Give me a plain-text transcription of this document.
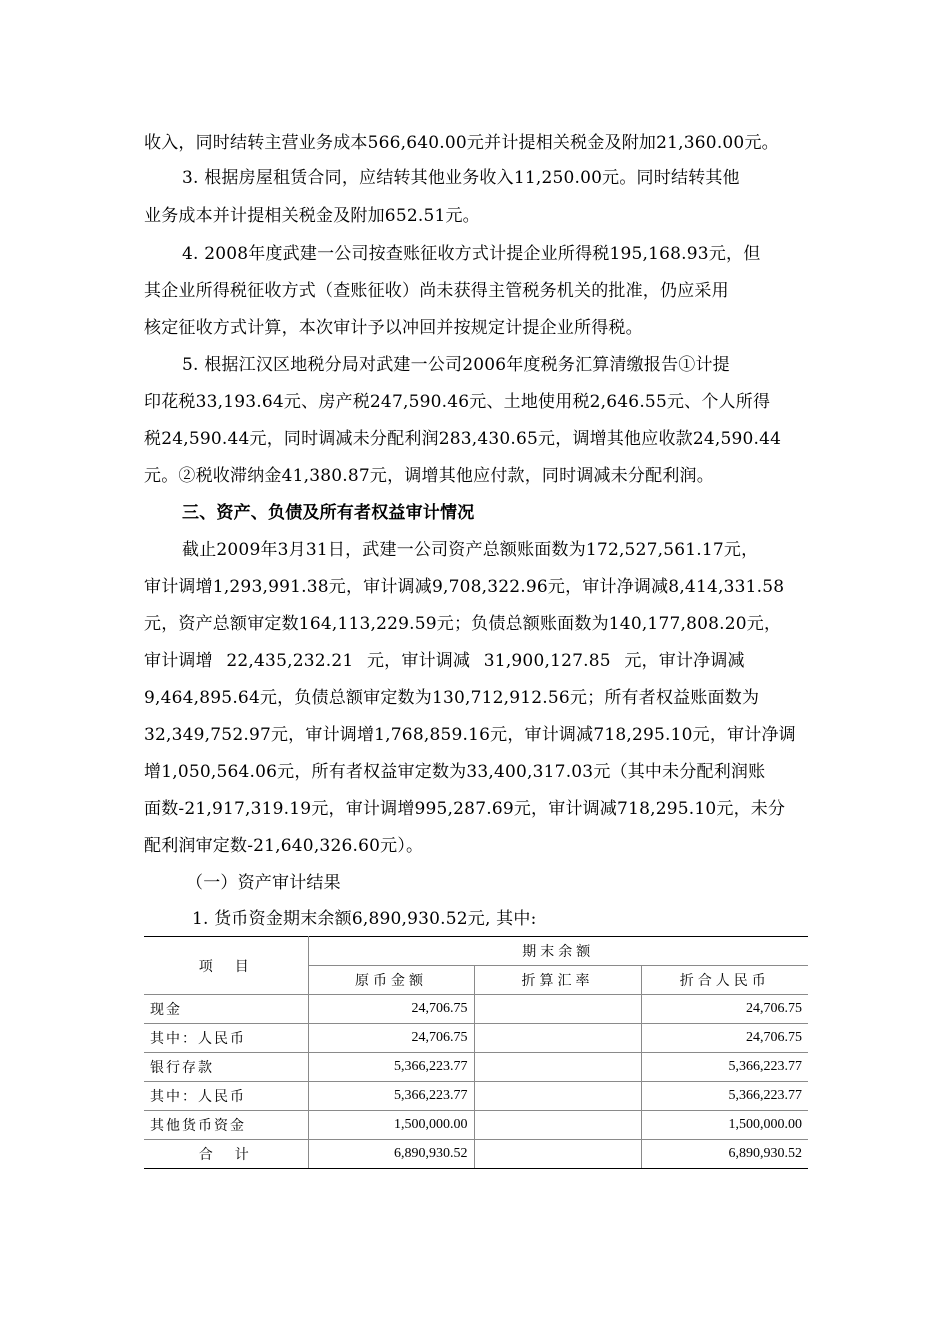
收入，同时结转主营业务成本566,640.00元并计提相关税金及附加21,360.00元。
3. 根据房屋租赁合同，应结转其他业务收入11,250.00元。同时结转其他
业务成本并计提相关税金及附加652.51元。
4. 2008年度武建一公司按查账征收方式计提企业所得税195,168.93元，但
其企业所得税征收方式（查账征收）尚未获得主管税务机关的批准，仍应采用
核定征收方式计算，本次审计予以冲回并按规定计提企业所得税。
5. 根据江汉区地税分局对武建一公司2006年度税务汇算清缴报告①计提
印花税33,193.64元、房产税247,590.46元、土地使用税2,646.55元、个人所得
税24,590.44元，同时调减未分配利润283,430.65元，调增其他应收款24,590.44
元。②税收滞纳金41,380.87元，调增其他应付款，同时调减未分配利润。
三、资产、负债及所有者权益审计情况
截止2009年3月31日，武建一公司资产总额账面数为172,527,561.17元，
审计调增1,293,991.38元，审计调减9,708,322.96元，审计净调减8,414,331.58
元，资产总额审定数164,113,229.59元；负债总额账面数为140,177,808.20元，
审计调增 22,435,232.21 元，审计调减 31,900,127.85 元，审计净调减
9,464,895.64元，负债总额审定数为130,712,912.56元；所有者权益账面数为
32,349,752.97元，审计调增1,768,859.16元，审计调减718,295.10元，审计净调
增1,050,564.06元，所有者权益审定数为33,400,317.03元（其中未分配利润账
面数-21,917,319.19元，审计调增995,287.69元，审计调减718,295.10元，未分
配利润审定数-21,640,326.60元）。
（一）资产审计结果
1. 货币资金期末余额6,890,930.52元, 其中:
项　目	期末余额		
	原币金额	折算汇率	折合人民币
现金	24,706.75		24,706.75
其中：人民币	24,706.75		24,706.75
银行存款	5,366,223.77		5,366,223.77
其中：人民币	5,366,223.77		5,366,223.77
其他货币资金	1,500,000.00		1,500,000.00
合　计	6,890,930.52		6,890,930.52
